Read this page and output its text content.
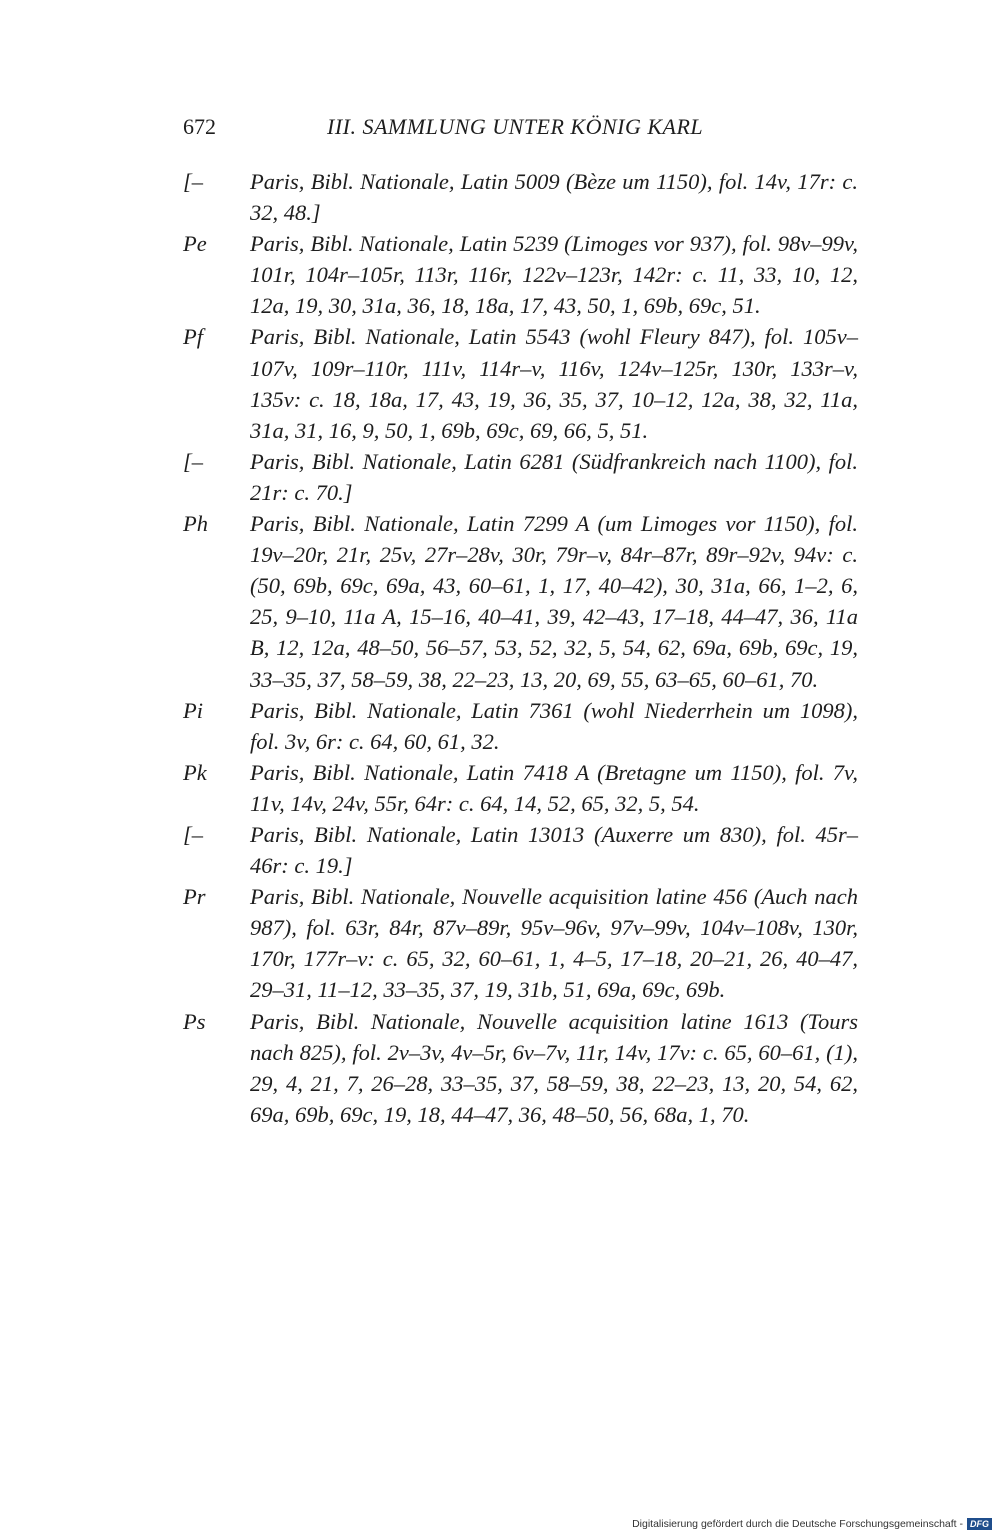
672	III. SAMMLUNG UNTER KÖNIG KARL
[–	Paris, Bibl. Nationale, Latin 5009 (Bèze um 1150), fol. 14v, 17r: c. 32, 48.]
Pe	Paris, Bibl. Nationale, Latin 5239 (Limoges vor 937), fol. 98v–99v, 101r, 104r–105r, 113r, 116r, 122v–123r, 142r: c. 11, 33, 10, 12, 12a, 19, 30, 31a, 36, 18, 18a, 17, 43, 50, 1, 69b, 69c, 51.
Pf	Paris, Bibl. Nationale, Latin 5543 (wohl Fleury 847), fol. 105v–107v, 109r–110r, 111v, 114r–v, 116v, 124v–125r, 130r, 133r–v, 135v: c. 18, 18a, 17, 43, 19, 36, 35, 37, 10–12, 12a, 38, 32, 11a, 31a, 31, 16, 9, 50, 1, 69b, 69c, 69, 66, 5, 51.
[–	Paris, Bibl. Nationale, Latin 6281 (Südfrankreich nach 1100), fol. 21r: c. 70.]
Ph	Paris, Bibl. Nationale, Latin 7299 A (um Limoges vor 1150), fol. 19v–20r, 21r, 25v, 27r–28v, 30r, 79r–v, 84r–87r, 89r–92v, 94v: c. (50, 69b, 69c, 69a, 43, 60–61, 1, 17, 40–42), 30, 31a, 66, 1–2, 6, 25, 9–10, 11a A, 15–16, 40–41, 39, 42–43, 17–18, 44–47, 36, 11a B, 12, 12a, 48–50, 56–57, 53, 52, 32, 5, 54, 62, 69a, 69b, 69c, 19, 33–35, 37, 58–59, 38, 22–23, 13, 20, 69, 55, 63–65, 60–61, 70.
Pi	Paris, Bibl. Nationale, Latin 7361 (wohl Niederrhein um 1098), fol. 3v, 6r: c. 64, 60, 61, 32.
Pk	Paris, Bibl. Nationale, Latin 7418 A (Bretagne um 1150), fol. 7v, 11v, 14v, 24v, 55r, 64r: c. 64, 14, 52, 65, 32, 5, 54.
[–	Paris, Bibl. Nationale, Latin 13013 (Auxerre um 830), fol. 45r–46r: c. 19.]
Pr	Paris, Bibl. Nationale, Nouvelle acquisition latine 456 (Auch nach 987), fol. 63r, 84r, 87v–89r, 95v–96v, 97v–99v, 104v–108v, 130r, 170r, 177r–v: c. 65, 32, 60–61, 1, 4–5, 17–18, 20–21, 26, 40–47, 29–31, 11–12, 33–35, 37, 19, 31b, 51, 69a, 69c, 69b.
Ps	Paris, Bibl. Nationale, Nouvelle acquisition latine 1613 (Tours nach 825), fol. 2v–3v, 4v–5r, 6v–7v, 11r, 14v, 17v: c. 65, 60–61, (1), 29, 4, 21, 7, 26–28, 33–35, 37, 58–59, 38, 22–23, 13, 20, 54, 62, 69a, 69b, 69c, 19, 18, 44–47, 36, 48–50, 56, 68a, 1, 70.
Digitalisierung gefördert durch die Deutsche Forschungsgemeinschaft - DFG
